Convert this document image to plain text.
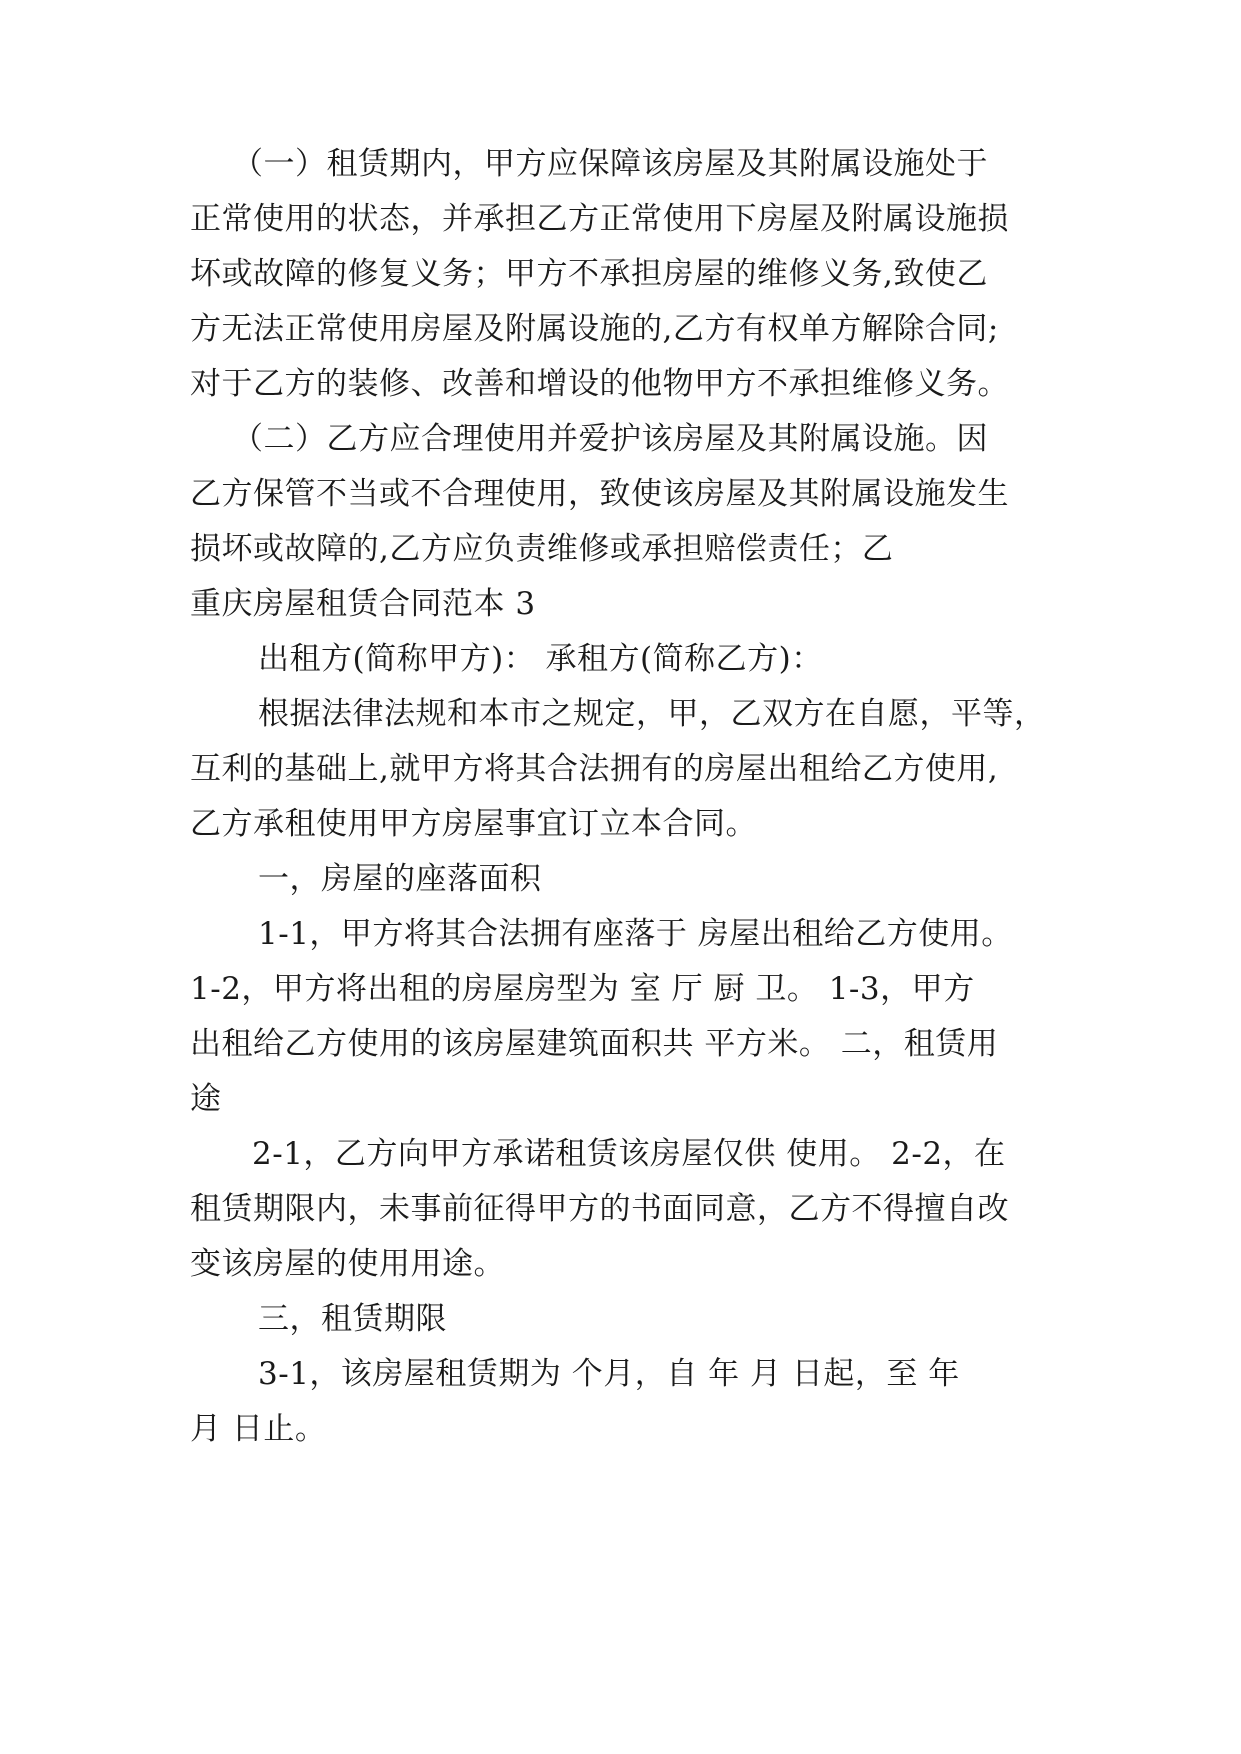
（一）租赁期内，甲方应保障该房屋及其附属设施处于
正常使用的状态，并承担乙方正常使用下房屋及附属设施损
坏或故障的修复义务；甲方不承担房屋的维修义务,致使乙
方无法正常使用房屋及附属设施的,乙方有权单方解除合同;
对于乙方的装修、改善和增设的他物甲方不承担维修义务。
（二）乙方应合理使用并爱护该房屋及其附属设施。因
乙方保管不当或不合理使用，致使该房屋及其附属设施发生
损坏或故障的,乙方应负责维修或承担赔偿责任；乙
重庆房屋租赁合同范本 3
出租方(简称甲方)： 承租方(简称乙方)：
根据法律法规和本市之规定，甲，乙双方在自愿，平等，
互利的基础上,就甲方将其合法拥有的房屋出租给乙方使用,
乙方承租使用甲方房屋事宜订立本合同。
一，房屋的座落面积
1-1，甲方将其合法拥有座落于 房屋出租给乙方使用。
1-2，甲方将出租的房屋房型为 室 厅 厨 卫。 1-3，甲方
出租给乙方使用的该房屋建筑面积共 平方米。 二，租赁用
途
2-1，乙方向甲方承诺租赁该房屋仅供 使用。 2-2，在
租赁期限内，未事前征得甲方的书面同意，乙方不得擅自改
变该房屋的使用用途。
三，租赁期限
3-1，该房屋租赁期为 个月，自 年 月 日起，至 年
月 日止。
